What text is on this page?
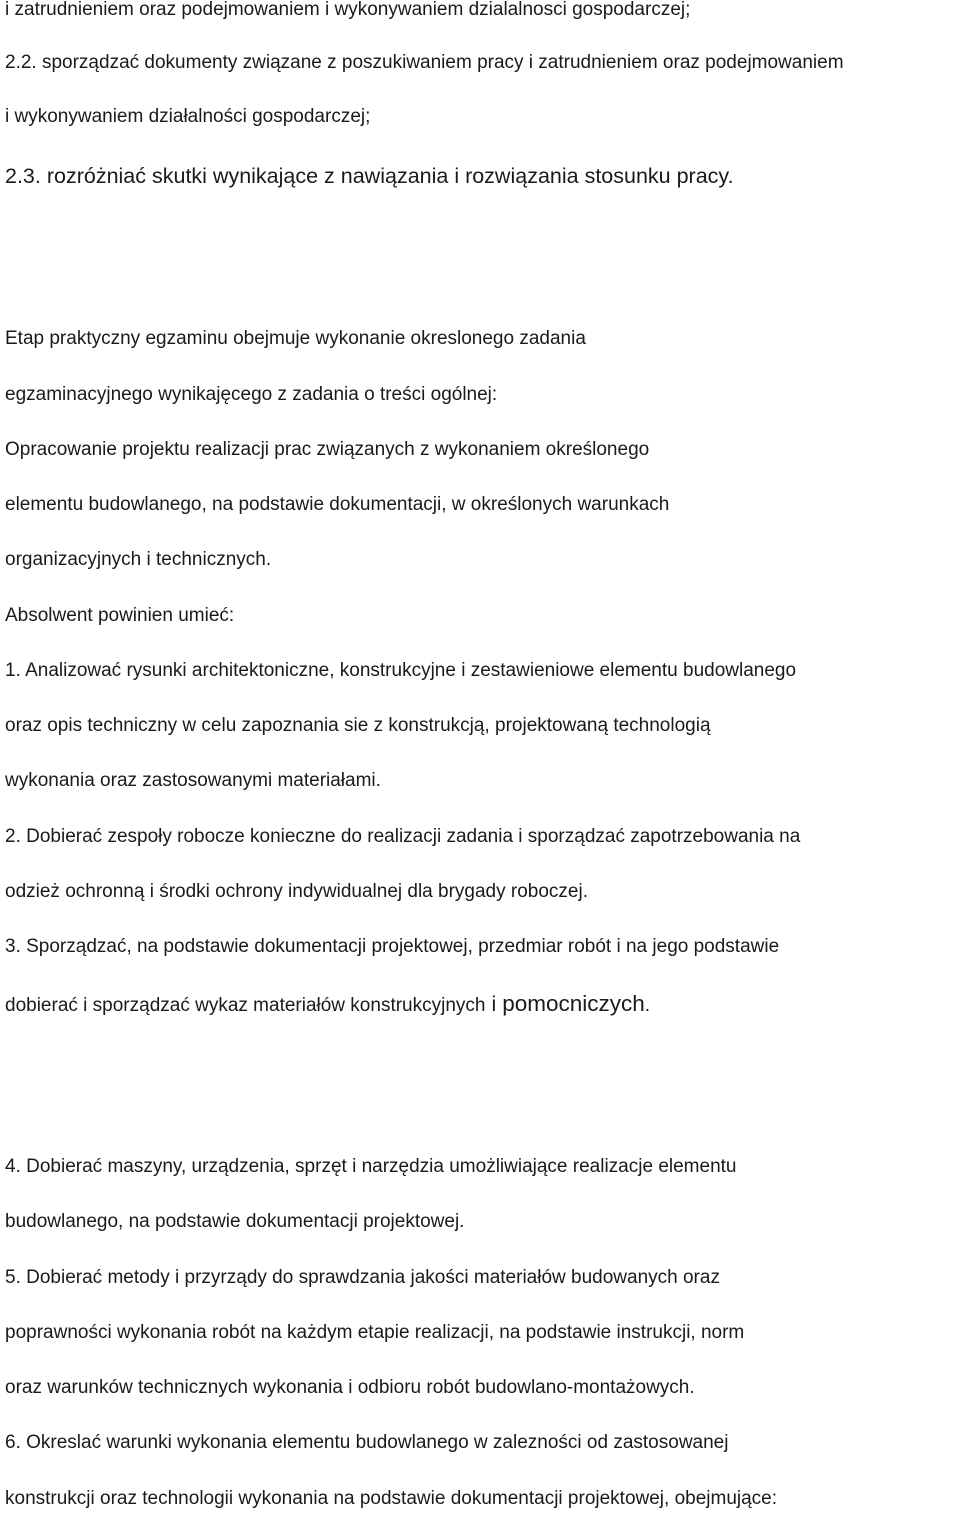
i zatrudnieniem oraz podejmowaniem i wykonywaniem dzialalnosci gospodarczej;
2.2. sporządzać dokumenty związane z poszukiwaniem pracy i zatrudnieniem oraz podejmowaniem
i wykonywaniem działalności gospodarczej;
2.3. rozróżniać skutki wynikające z nawiązania i rozwiązania stosunku pracy.
Etap praktyczny egzaminu obejmuje wykonanie okreslonego zadania
egzaminacyjnego wynikajęcego z zadania o treści ogólnej:
Opracowanie projektu realizacji prac związanych z wykonaniem określonego
elementu budowlanego, na podstawie dokumentacji, w określonych warunkach
organizacyjnych i technicznych.
Absolwent powinien umieć:
1. Analizować rysunki architektoniczne, konstrukcyjne i zestawieniowe elementu budowlanego
oraz opis techniczny w celu zapoznania sie z konstrukcją, projektowaną technologią
wykonania oraz zastosowanymi materiałami.
2. Dobierać zespoły robocze konieczne do realizacji zadania i sporządzać zapotrzebowania na
odzież ochronną i środki ochrony indywidualnej dla brygady roboczej.
3. Sporządzać, na podstawie dokumentacji projektowej, przedmiar robót i na jego podstawie
dobierać i sporządzać wykaz materiałów konstrukcyjnych i pomocniczych.
4. Dobierać maszyny, urządzenia, sprzęt i narzędzia umożliwiające realizacje elementu
budowlanego, na podstawie dokumentacji projektowej.
5. Dobierać metody i przyrządy do sprawdzania jakości materiałów budowanych oraz
poprawności wykonania robót na każdym etapie realizacji, na podstawie instrukcji, norm
oraz warunków technicznych wykonania i odbioru robót budowlano-montażowych.
6. Okreslać warunki wykonania elementu budowlanego w zalezności od zastosowanej
konstrukcji oraz technologii wykonania na podstawie dokumentacji projektowej, obejmujące:
